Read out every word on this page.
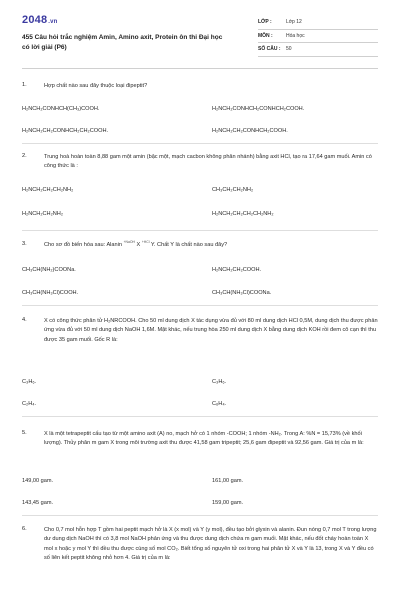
2048.vn
455 Câu hỏi trắc nghiệm Amin, Amino axit, Protein ôn thi Đại học có lời giải (P6)
LỚP :	Lớp 12
MÔN :	Hóa học
SỐ CÂU :	50
1.	Hợp chất nào sau đây thuộc loại đipeptit?
H₂NCH₂CONHCH(CH₃)COOH.	H₂NCH₂CONHCH₂CONHCH₂COOH.
H₂NCH₂CH₂CONHCH₂CH₂COOH.	H₂NCH₂CH₂CONHCH₂COOH.
2.	Trung hoà hoàn toàn 8,88 gam một amin (bậc một, mạch cacbon không phân nhánh) bằng axit HCl, tạo ra 17,64 gam muối. Amin có công thức là :
H₂NCH₂CH₂CH₂NH₂	CH₃CH₂CH₂NH₂
H₂NCH₂CH₂NH₂	H₂NCH₂CH₂CH₂CH₂NH₂
3.	Cho sơ đồ biến hóa sau: Alanin $^{+NaOH}$ X $^{+HCl}$ Y. Chất Y là chất nào sau đây?
CH₃CH(NH₂)COONa.	H₂NCH₂CH₂COOH.
CH₃CH(NH₃Cl)COOH.	CH₃CH(NH₃Cl)COONa.
4.	X có công thức phân tử H₂NRCOOH. Cho 50 ml dung dịch X tác dụng vừa đủ với 80 ml dung dịch HCl 0,5M, dung dịch thu được phản ứng vừa đủ với 50 ml dung dịch NaOH 1,6M. Mặt khác, nếu trung hòa 250 ml dung dịch X bằng dung dịch KOH rồi đem cô cạn thì thu được 35 gam muối. Gốc R là:
C₃H₆.	C₃H₆.
C₂H₄.	C₆H₄.
5.	X là một tetrapeptit cấu tạo từ một amino axit (A) no, mạch hở có 1 nhóm -COOH; 1 nhóm -NH₂. Trong A: %N = 15,73% (về khối lượng). Thủy phân m gam X trong môi trường axit thu được 41,58 gam tripeptit; 25,6 gam đipeptit và 92,56 gam. Giá trị của m là:
149,00 gam.	161,00 gam.
143,45 gam.	159,00 gam.
6.	Cho 0,7 mol hỗn hợp T gồm hai peptit mạch hở là X (x mol) và Y (y mol), đều tạo bởi glyxin và alanin. Đun nóng 0,7 mol T trong lượng dư dung dịch NaOH thì có 3,8 mol NaOH phản ứng và thu được dung dịch chứa m gam muối. Mặt khác, nếu đốt cháy hoàn toàn X mol x hoặc y mol Y thì đều thu được cùng số mol CO₂. Biết tổng số nguyên tử oxi trong hai phân tử X và Y là 13, trong X và Y đều có số liên kết peptit không nhỏ hơn 4. Giá trị của m là:
